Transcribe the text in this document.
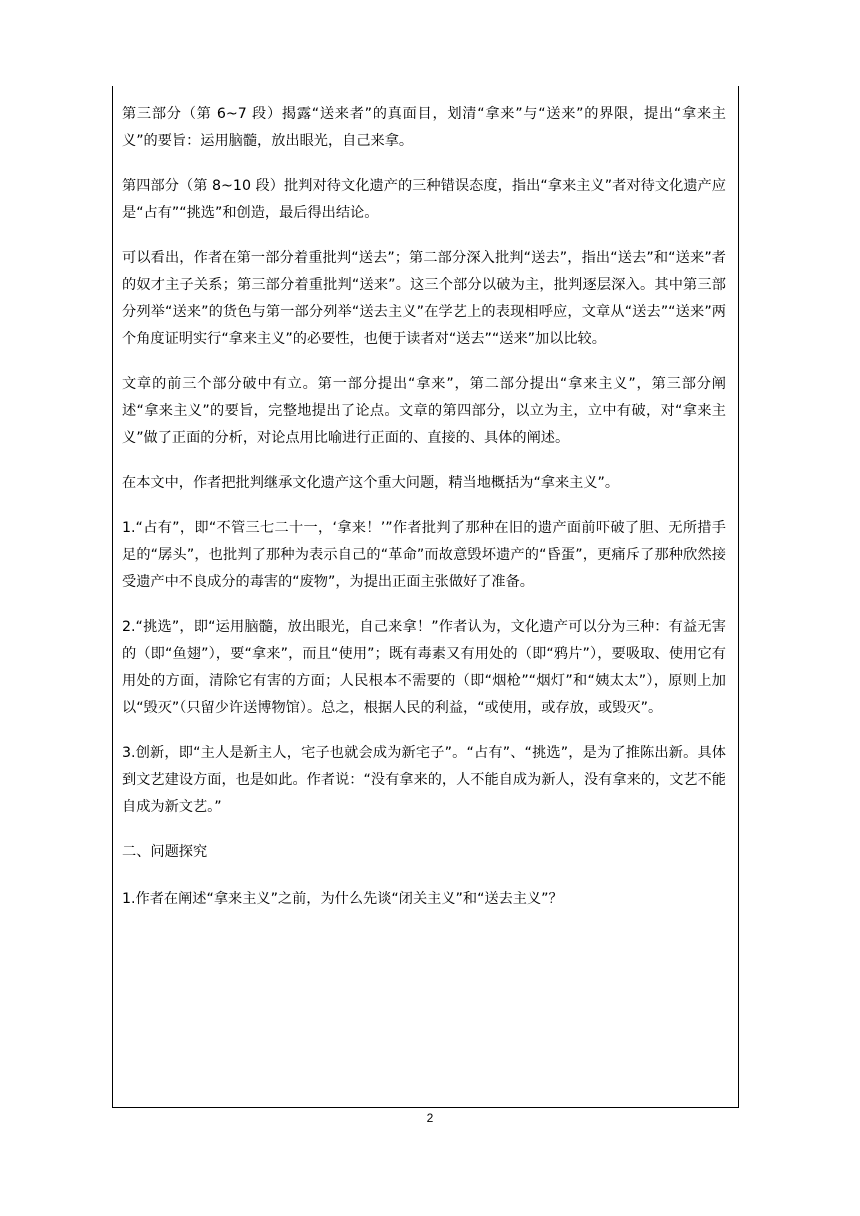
第三部分（第 6~7 段）揭露“送来者”的真面目，划清“拿来”与“送来”的界限，提出“拿来主义”的要旨：运用脑髓，放出眼光，自己来拿。

第四部分（第 8~10 段）批判对待文化遗产的三种错误态度，指出“拿来主义”者对待文化遗产应是“占有”“挑选”和创造，最后得出结论。

可以看出，作者在第一部分着重批判“送去”；第二部分深入批判“送去”，指出“送去”和“送来”者的奴才主子关系；第三部分着重批判“送来”。这三个部分以破为主，批判逐层深入。其中第三部分列举“送来”的货色与第一部分列举“送去主义”在学艺上的表现相呼应，文章从“送去”“送来”两个角度证明实行“拿来主义”的必要性，也便于读者对“送去”“送来”加以比较。

文章的前三个部分破中有立。第一部分提出“拿来”，第二部分提出“拿来主义”，第三部分阐述“拿来主义”的要旨，完整地提出了论点。文章的第四部分，以立为主，立中有破，对“拿来主义”做了正面的分析，对论点用比喻进行正面的、直接的、具体的阐述。

在本文中，作者把批判继承文化遗产这个重大问题，精当地概括为“拿来主义”。

1.“占有”，即“不管三七二十一，‘拿来！’”作者批判了那种在旧的遗产面前吓破了胆、无所措手足的“孱头”，也批判了那种为表示自己的“革命”而故意毁坏遗产的“昏蛋”，更痛斥了那种欣然接受遗产中不良成分的毒害的“废物”，为提出正面主张做好了准备。

2.“挑选”，即“运用脑髓，放出眼光，自己来拿！”作者认为，文化遗产可以分为三种：有益无害的（即“鱼翅”），要“拿来”，而且“使用”；既有毒素又有用处的（即“鸦片”），要吸取、使用它有用处的方面，清除它有害的方面；人民根本不需要的（即“烟枪”“烟灯”和“姨太太”），原则上加以“毁灭”（只留少许送博物馆）。总之，根据人民的利益，“或使用，或存放，或毁灭”。

3.创新，即“主人是新主人，宅子也就会成为新宅子”。“占有”、“挑选”，是为了推陈出新。具体到文艺建设方面，也是如此。作者说：“没有拿来的，人不能自成为新人，没有拿来的，文艺不能自成为新文艺。”

二、问题探究

1.作者在阐述“拿来主义”之前，为什么先谈“闭关主义”和“送去主义”？

2
